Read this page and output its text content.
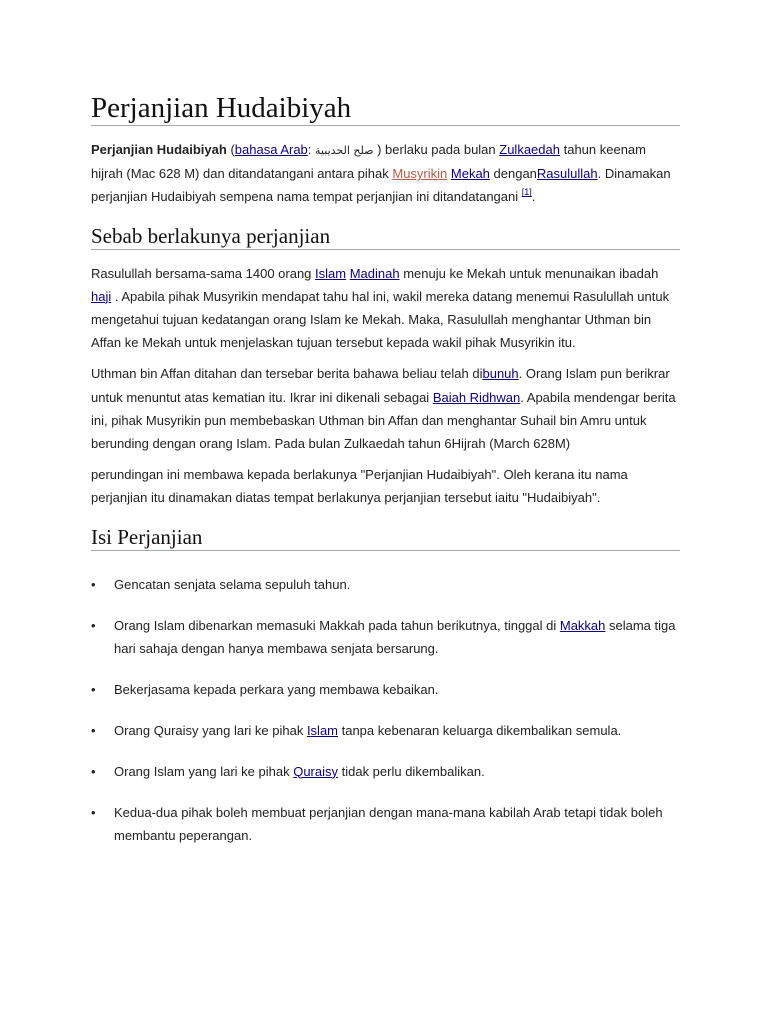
Perjanjian Hudaibiyah

Perjanjian Hudaibiyah (bahasa Arab: صلح الحديبية ) berlaku pada bulan Zulkaedah tahun keenam hijrah (Mac 628 M) dan ditandatangani antara pihak Musyrikin Mekah denganRasulullah. Dinamakan perjanjian Hudaibiyah sempena nama tempat perjanjian ini ditandatangani [1].

Sebab berlakunya perjanjian

Rasulullah bersama-sama 1400 orang Islam Madinah menuju ke Mekah untuk menunaikan ibadah haji . Apabila pihak Musyrikin mendapat tahu hal ini, wakil mereka datang menemui Rasulullah untuk mengetahui tujuan kedatangan orang Islam ke Mekah. Maka, Rasulullah menghantar Uthman bin Affan ke Mekah untuk menjelaskan tujuan tersebut kepada wakil pihak Musyrikin itu.

Uthman bin Affan ditahan dan tersebar berita bahawa beliau telah dibunuh. Orang Islam pun berikrar untuk menuntut atas kematian itu. Ikrar ini dikenali sebagai Baiah Ridhwan. Apabila mendengar berita ini, pihak Musyrikin pun membebaskan Uthman bin Affan dan menghantar Suhail bin Amru untuk berunding dengan orang Islam. Pada bulan Zulkaedah tahun 6Hijrah (March 628M)

perundingan ini membawa kepada berlakunya "Perjanjian Hudaibiyah". Oleh kerana itu nama perjanjian itu dinamakan diatas tempat berlakunya perjanjian tersebut iaitu "Hudaibiyah".

Isi Perjanjian
• Gencatan senjata selama sepuluh tahun.
• Orang Islam dibenarkan memasuki Makkah pada tahun berikutnya, tinggal di Makkah selama tiga hari sahaja dengan hanya membawa senjata bersarung.
• Bekerjasama kepada perkara yang membawa kebaikan.
• Orang Quraisy yang lari ke pihak Islam tanpa kebenaran keluarga dikembalikan semula.
• Orang Islam yang lari ke pihak Quraisy tidak perlu dikembalikan.
• Kedua-dua pihak boleh membuat perjanjian dengan mana-mana kabilah Arab tetapi tidak boleh membantu peperangan.
